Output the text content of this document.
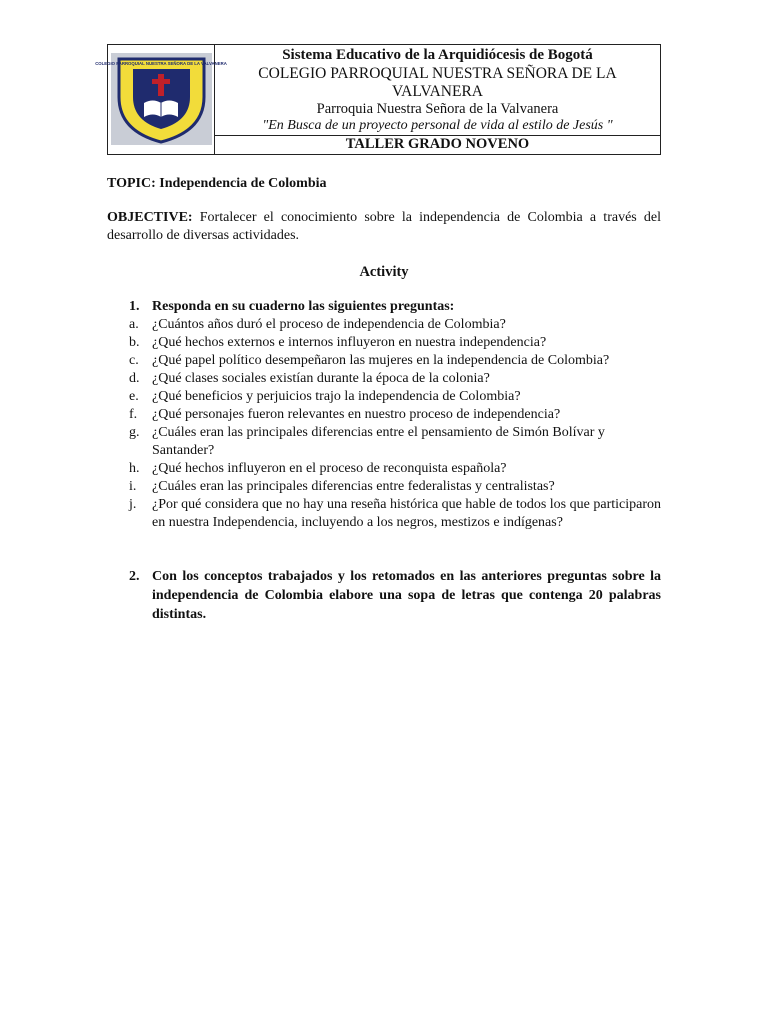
COLEGIO PARROQUIAL NUESTRA SEÑORA DE LA VALVANERA
Sistema Educativo de la Arquidiócesis de Bogotá
COLEGIO PARROQUIAL NUESTRA SEÑORA DE LA VALVANERA
Parroquia Nuestra Señora de la Valvanera
"En Busca de un proyecto personal de vida al estilo de Jesús "
TALLER GRADO NOVENO
TOPIC: Independencia de Colombia
OBJECTIVE: Fortalecer el conocimiento sobre la independencia de Colombia a través del desarrollo de diversas actividades.
Activity
1. Responda en su cuaderno las siguientes preguntas:
a. ¿Cuántos años duró el proceso de independencia de Colombia?
b. ¿Qué hechos externos e internos influyeron en nuestra independencia?
c. ¿Qué papel político desempeñaron las mujeres en la independencia de Colombia?
d. ¿Qué clases sociales existían durante la época de la colonia?
e. ¿Qué beneficios y perjuicios trajo la independencia de Colombia?
f. ¿Qué personajes fueron relevantes en nuestro proceso de independencia?
g. ¿Cuáles eran las principales diferencias entre el pensamiento de Simón Bolívar y Santander?
h. ¿Qué hechos influyeron en el proceso de reconquista española?
i. ¿Cuáles eran las principales diferencias entre federalistas y centralistas?
j. ¿Por qué considera que no hay una reseña histórica que hable de todos los que participaron en nuestra Independencia, incluyendo a los negros, mestizos e indígenas?
2. Con los conceptos trabajados y los retomados en las anteriores preguntas sobre la independencia de Colombia elabore una sopa de letras que contenga 20 palabras distintas.
